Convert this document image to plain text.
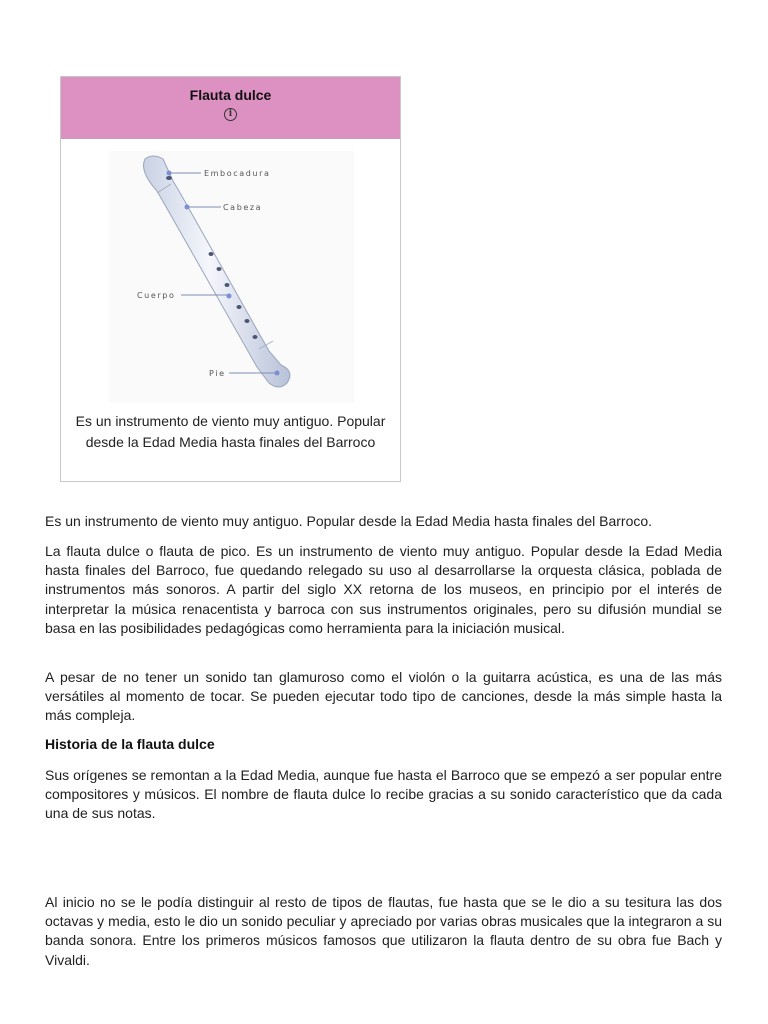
Flauta dulce
i
Embocadura
Cabeza
Cuerpo
Pie
Es un instrumento de viento muy antiguo. Popular desde la Edad Media hasta finales del Barroco
Es un instrumento de viento muy antiguo. Popular desde la Edad Media hasta finales del Barroco.
La flauta dulce o flauta de pico. Es un instrumento de viento muy antiguo. Popular desde la Edad Media hasta finales del Barroco, fue quedando relegado su uso al desarrollarse la orquesta clásica, poblada de instrumentos más sonoros. A partir del siglo XX retorna de los museos, en principio por el interés de interpretar la música renacentista y barroca con sus instrumentos originales, pero su difusión mundial se basa en las posibilidades pedagógicas como herramienta para la iniciación musical.
A pesar de no tener un sonido tan glamuroso como el violón o la guitarra acústica, es una de las más versátiles al momento de tocar. Se pueden ejecutar todo tipo de canciones, desde la más simple hasta la más compleja.
Historia de la flauta dulce
Sus orígenes se remontan a la Edad Media, aunque fue hasta el Barroco que se empezó a ser popular entre compositores y músicos. El nombre de flauta dulce lo recibe gracias a su sonido característico que da cada una de sus notas.
Al inicio no se le podía distinguir al resto de tipos de flautas, fue hasta que se le dio a su tesitura las dos octavas y media, esto le dio un sonido peculiar y apreciado por varias obras musicales que la integraron a su banda sonora. Entre los primeros músicos famosos que utilizaron la flauta dentro de su obra fue Bach y Vivaldi.
